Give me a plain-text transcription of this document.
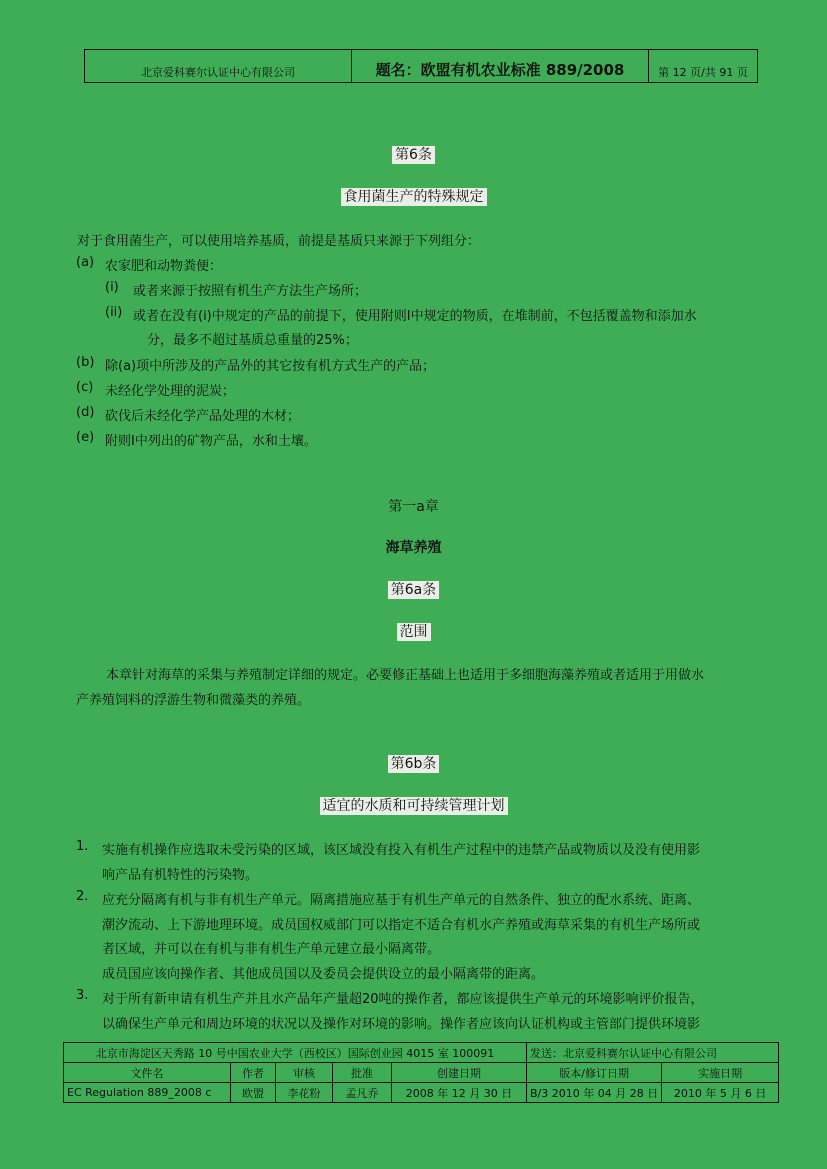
北京爱科赛尔认证中心有限公司	题名：欧盟有机农业标准 889/2008	第 12 页/共 91 页
第6条
食用菌生产的特殊规定
对于食用菌生产，可以使用培养基质，前提是基质只来源于下列组分：
(a) 农家肥和动物粪便：
(i) 或者来源于按照有机生产方法生产场所；
(ii) 或者在没有(i)中规定的产品的前提下，使用附则I中规定的物质，在堆制前，不包括覆盖物和添加水
分，最多不超过基质总重量的25%；
(b) 除(a)项中所涉及的产品外的其它按有机方式生产的产品；
(c) 未经化学处理的泥炭；
(d) 砍伐后未经化学产品处理的木材；
(e) 附则I中列出的矿物产品，水和土壤。
第一a章
海草养殖
第6a条
范围
本章针对海草的采集与养殖制定详细的规定。必要修正基础上也适用于多细胞海藻养殖或者适用于用做水
产养殖饲料的浮游生物和微藻类的养殖。
第6b条
适宜的水质和可持续管理计划
1. 实施有机操作应选取未受污染的区域，该区域没有投入有机生产过程中的违禁产品或物质以及没有使用影
响产品有机特性的污染物。
2. 应充分隔离有机与非有机生产单元。隔离措施应基于有机生产单元的自然条件、独立的配水系统、距离、
潮汐流动、上下游地理环境。成员国权威部门可以指定不适合有机水产养殖或海草采集的有机生产场所或
者区域，并可以在有机与非有机生产单元建立最小隔离带。
成员国应该向操作者、其他成员国以及委员会提供设立的最小隔离带的距离。
3. 对于所有新申请有机生产并且水产品年产量超20吨的操作者，都应该提供生产单元的环境影响评价报告，
以确保生产单元和周边环境的状况以及操作对环境的影响。操作者应该向认证机构或主管部门提供环境影
北京市海淀区天秀路 10 号中国农业大学（西校区）国际创业园 4015 室 100091					发送：北京爱科赛尔认证中心有限公司	
文件名	作者	审核	批准	创建日期	版本/修订日期	实施日期
EC Regulation 889_2008 c	欧盟	李花粉	孟凡乔	2008 年 12 月 30 日	B/3 2010 年 04 月 28 日	2010 年 5 月 6 日
